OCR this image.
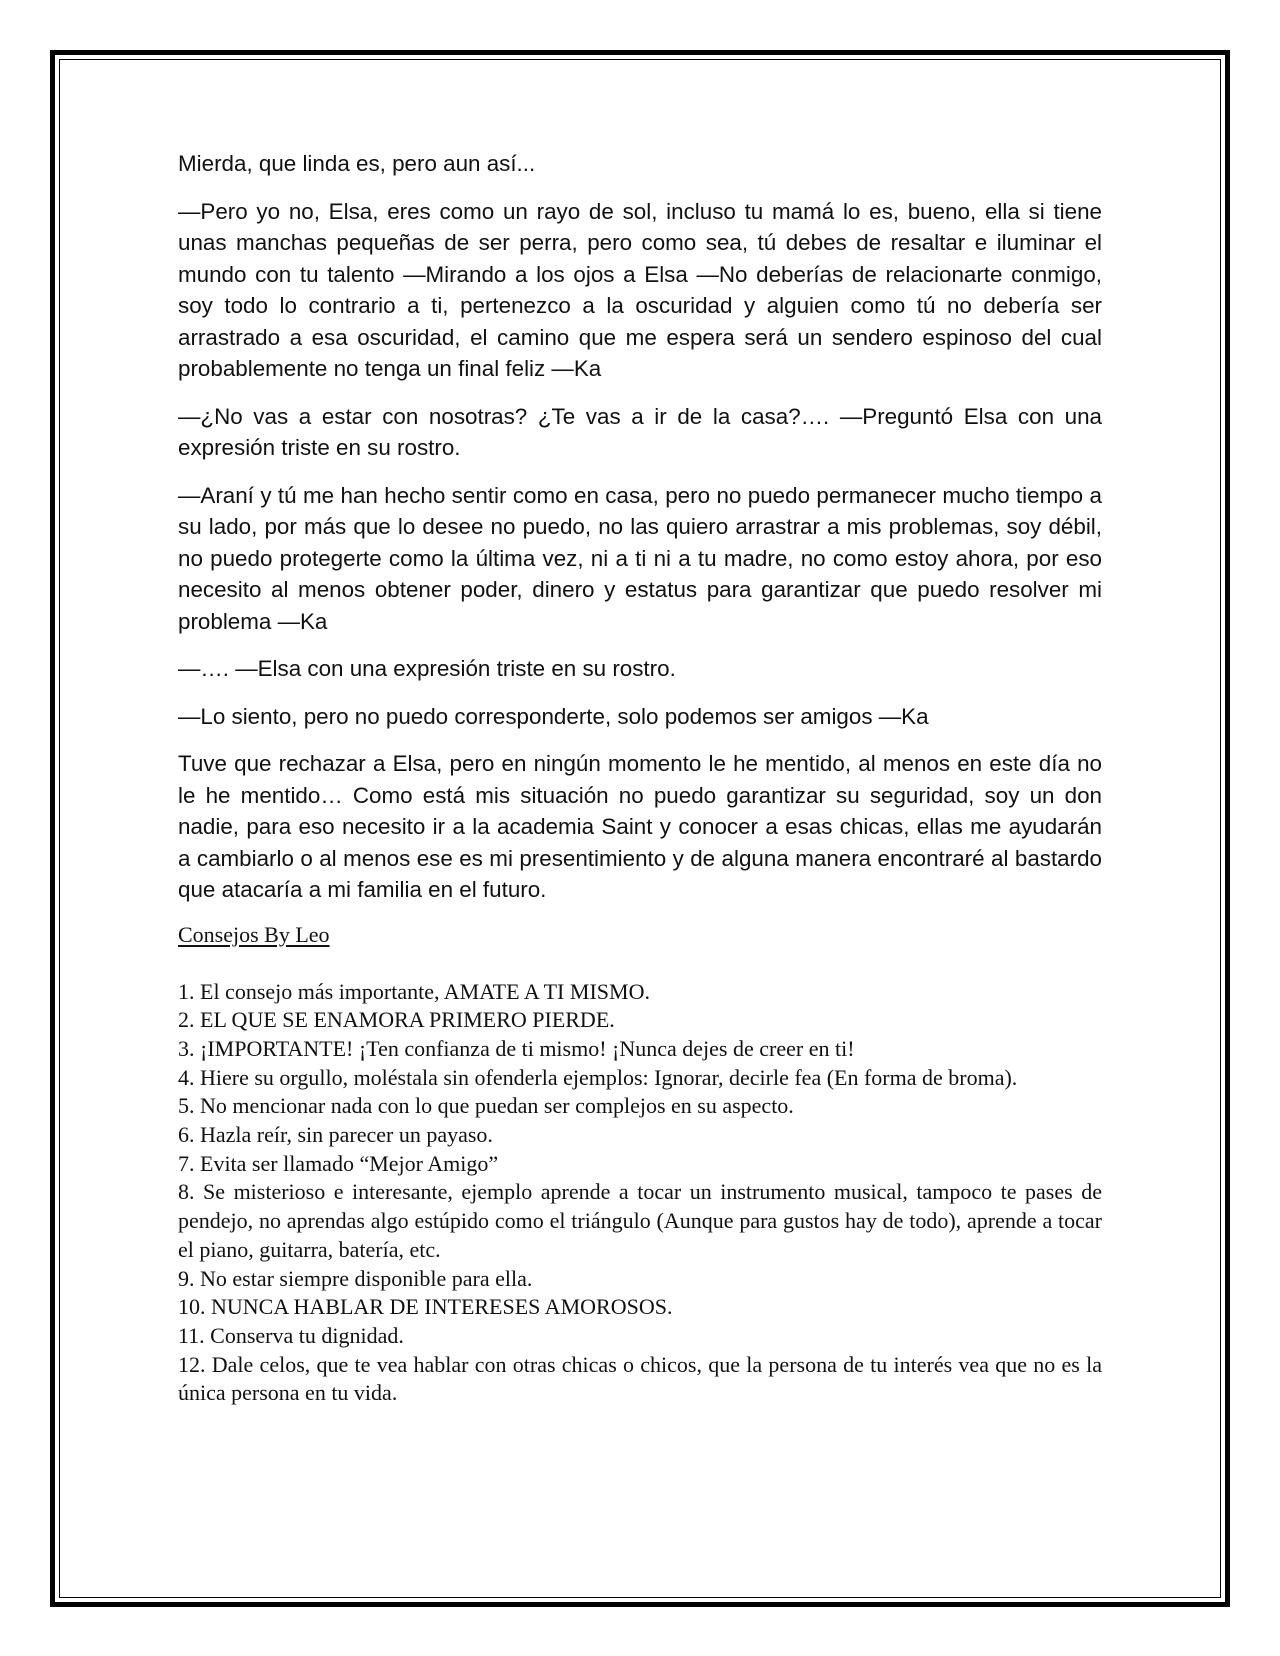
Mierda, que linda es, pero aun así...

—Pero yo no, Elsa, eres como un rayo de sol, incluso tu mamá lo es, bueno, ella si tiene unas manchas pequeñas de ser perra, pero como sea, tú debes de resaltar e iluminar el mundo con tu talento —Mirando a los ojos a Elsa —No deberías de relacionarte conmigo, soy todo lo contrario a ti, pertenezco a la oscuridad y alguien como tú no debería ser arrastrado a esa oscuridad, el camino que me espera será un sendero espinoso del cual probablemente no tenga un final feliz —Ka

—¿No vas a estar con nosotras? ¿Te vas a ir de la casa?…. —Preguntó Elsa con una expresión triste en su rostro.

—Araní y tú me han hecho sentir como en casa, pero no puedo permanecer mucho tiempo a su lado, por más que lo desee no puedo, no las quiero arrastrar a mis problemas, soy débil, no puedo protegerte como la última vez, ni a ti ni a tu madre, no como estoy ahora, por eso necesito al menos obtener poder, dinero y estatus para garantizar que puedo resolver mi problema —Ka

—…. —Elsa con una expresión triste en su rostro.

—Lo siento, pero no puedo corresponderte, solo podemos ser amigos —Ka

Tuve que rechazar a Elsa, pero en ningún momento le he mentido, al menos en este día no le he mentido… Como está mis situación no puedo garantizar su seguridad, soy un don nadie, para eso necesito ir a la academia Saint y conocer a esas chicas, ellas me ayudarán a cambiarlo o al menos ese es mi presentimiento y de alguna manera encontraré al bastardo que atacaría a mi familia en el futuro.

Consejos By Leo
1. El consejo más importante, AMATE A TI MISMO.
2. EL QUE SE ENAMORA PRIMERO PIERDE.
3. ¡IMPORTANTE! ¡Ten confianza de ti mismo! ¡Nunca dejes de creer en ti!
4. Hiere su orgullo, moléstala sin ofenderla ejemplos: Ignorar, decirle fea (En forma de broma).
5. No mencionar nada con lo que puedan ser complejos en su aspecto.
6. Hazla reír, sin parecer un payaso.
7. Evita ser llamado “Mejor Amigo”
8. Se misterioso e interesante, ejemplo aprende a tocar un instrumento musical, tampoco te pases de pendejo, no aprendas algo estúpido como el triángulo (Aunque para gustos hay de todo), aprende a tocar el piano, guitarra, batería, etc.
9. No estar siempre disponible para ella.
10. NUNCA HABLAR DE INTERESES AMOROSOS.
11. Conserva tu dignidad.
12. Dale celos, que te vea hablar con otras chicas o chicos, que la persona de tu interés vea que no es la única persona en tu vida.
